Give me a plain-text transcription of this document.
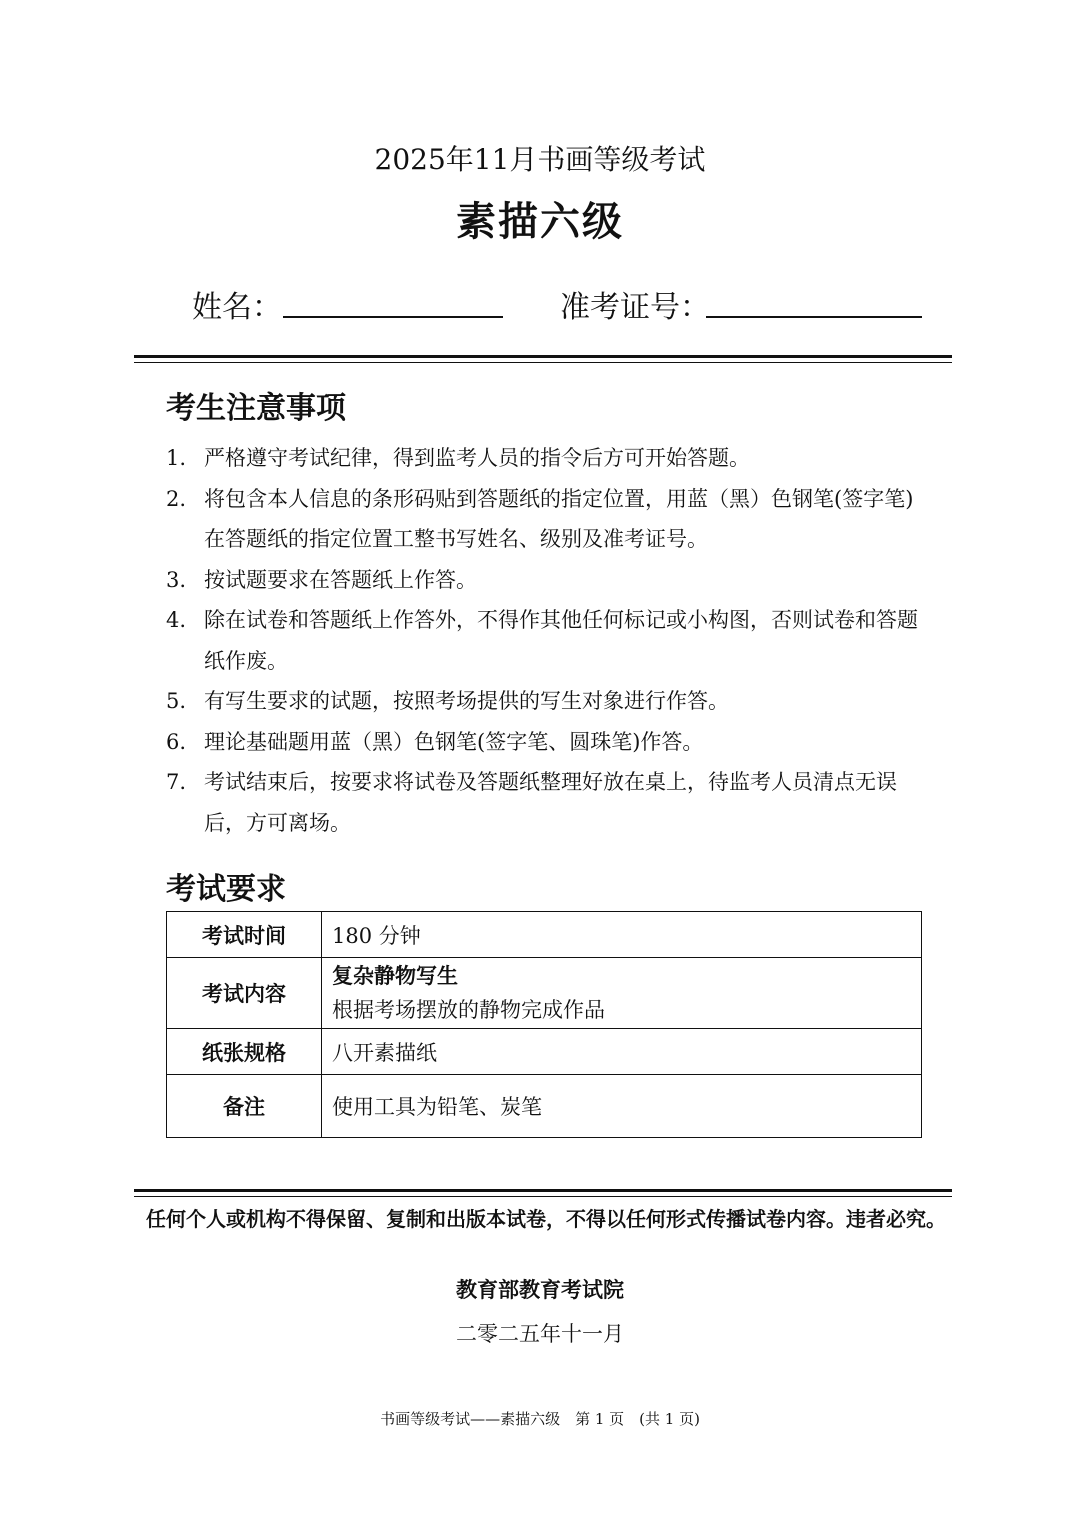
2025年11月书画等级考试
素描六级
姓名：	准考证号：
考生注意事项
1. 严格遵守考试纪律，得到监考人员的指令后方可开始答题。
2. 将包含本人信息的条形码贴到答题纸的指定位置，用蓝（黑）色钢笔(签字笔)在答题纸的指定位置工整书写姓名、级别及准考证号。
3. 按试题要求在答题纸上作答。
4. 除在试卷和答题纸上作答外，不得作其他任何标记或小构图，否则试卷和答题纸作废。
5. 有写生要求的试题，按照考场提供的写生对象进行作答。
6. 理论基础题用蓝（黑）色钢笔(签字笔、圆珠笔)作答。
7. 考试结束后，按要求将试卷及答题纸整理好放在桌上，待监考人员清点无误后，方可离场。
考试要求
考试时间	180 分钟
考试内容	复杂静物写生
根据考场摆放的静物完成作品

纸张规格	八开素描纸
备注	使用工具为铅笔、炭笔
任何个人或机构不得保留、复制和出版本试卷，不得以任何形式传播试卷内容。违者必究。
教育部教育考试院
二零二五年十一月
书画等级考试——素描六级　第 1 页　(共 1 页)
